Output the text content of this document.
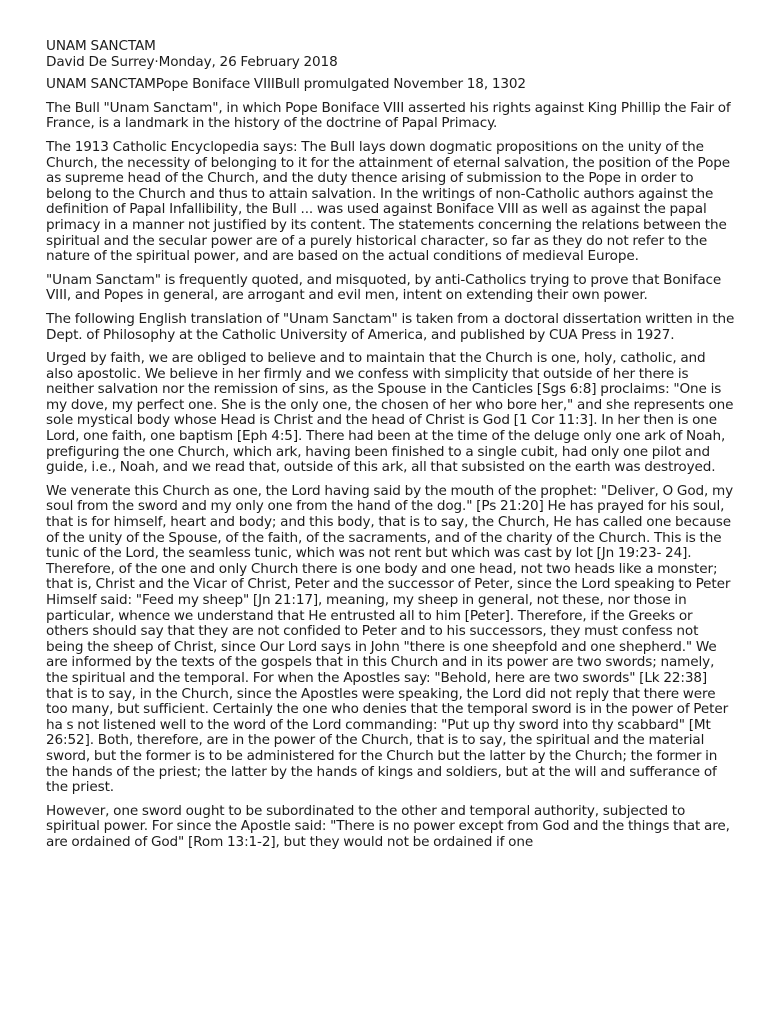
UNAM SANCTAM
David De Surrey·Monday, 26 February 2018

UNAM SANCTAMPope Boniface VIIIBull promulgated November 18, 1302

The Bull "Unam Sanctam", in which Pope Boniface VIII asserted his rights against King Phillip the Fair of France, is a landmark in the history of the doctrine of Papal Primacy.

The 1913 Catholic Encyclopedia says: The Bull lays down dogmatic propositions on the unity of the Church, the necessity of belonging to it for the attainment of eternal salvation, the position of the Pope as supreme head of the Church, and the duty thence arising of submission to the Pope in order to belong to the Church and thus to attain salvation. In the writings of non-Catholic authors against the definition of Papal Infallibility, the Bull ... was used against Boniface VIII as well as against the papal primacy in a manner not justified by its content. The statements concerning the relations between the spiritual and the secular power are of a purely historical character, so far as they do not refer to the nature of the spiritual power, and are based on the actual conditions of medieval Europe.

"Unam Sanctam" is frequently quoted, and misquoted, by anti-Catholics trying to prove that Boniface VIII, and Popes in general, are arrogant and evil men, intent on extending their own power.

The following English translation of "Unam Sanctam" is taken from a doctoral dissertation written in the Dept. of Philosophy at the Catholic University of America, and published by CUA Press in 1927.

Urged by faith, we are obliged to believe and to maintain that the Church is one, holy, catholic, and also apostolic. We believe in her firmly and we confess with simplicity that outside of her there is neither salvation nor the remission of sins, as the Spouse in the Canticles [Sgs 6:8] proclaims: "One is my dove, my perfect one. She is the only one, the chosen of her who bore her," and she represents one sole mystical body whose Head is Christ and the head of Christ is God [1 Cor 11:3]. In her then is one Lord, one faith, one baptism [Eph 4:5]. There had been at the time of the deluge only one ark of Noah, prefiguring the one Church, which ark, having been finished to a single cubit, had only one pilot and guide, i.e., Noah, and we read that, outside of this ark, all that subsisted on the earth was destroyed.

We venerate this Church as one, the Lord having said by the mouth of the prophet: "Deliver, O God, my soul from the sword and my only one from the hand of the dog." [Ps 21:20] He has prayed for his soul, that is for himself, heart and body; and this body, that is to say, the Church, He has called one because of the unity of the Spouse, of the faith, of the sacraments, and of the charity of the Church. This is the tunic of the Lord, the seamless tunic, which was not rent but which was cast by lot [Jn 19:23- 24]. Therefore, of the one and only Church there is one body and one head, not two heads like a monster; that is, Christ and the Vicar of Christ, Peter and the successor of Peter, since the Lord speaking to Peter Himself said: "Feed my sheep" [Jn 21:17], meaning, my sheep in general, not these, nor those in particular, whence we understand that He entrusted all to him [Peter]. Therefore, if the Greeks or others should say that they are not confided to Peter and to his successors, they must confess not being the sheep of Christ, since Our Lord says in John "there is one sheepfold and one shepherd." We are informed by the texts of the gospels that in this Church and in its power are two swords; namely, the spiritual and the temporal. For when the Apostles say: "Behold, here are two swords" [Lk 22:38] that is to say, in the Church, since the Apostles were speaking, the Lord did not reply that there were too many, but sufficient. Certainly the one who denies that the temporal sword is in the power of Peter ha s not listened well to the word of the Lord commanding: "Put up thy sword into thy scabbard" [Mt 26:52]. Both, therefore, are in the power of the Church, that is to say, the spiritual and the material sword, but the former is to be administered for the Church but the latter by the Church; the former in the hands of the priest; the latter by the hands of kings and soldiers, but at the will and sufferance of the priest.

However, one sword ought to be subordinated to the other and temporal authority, subjected to spiritual power. For since the Apostle said: "There is no power except from God and the things that are, are ordained of God" [Rom 13:1-2], but they would not be ordained if one
